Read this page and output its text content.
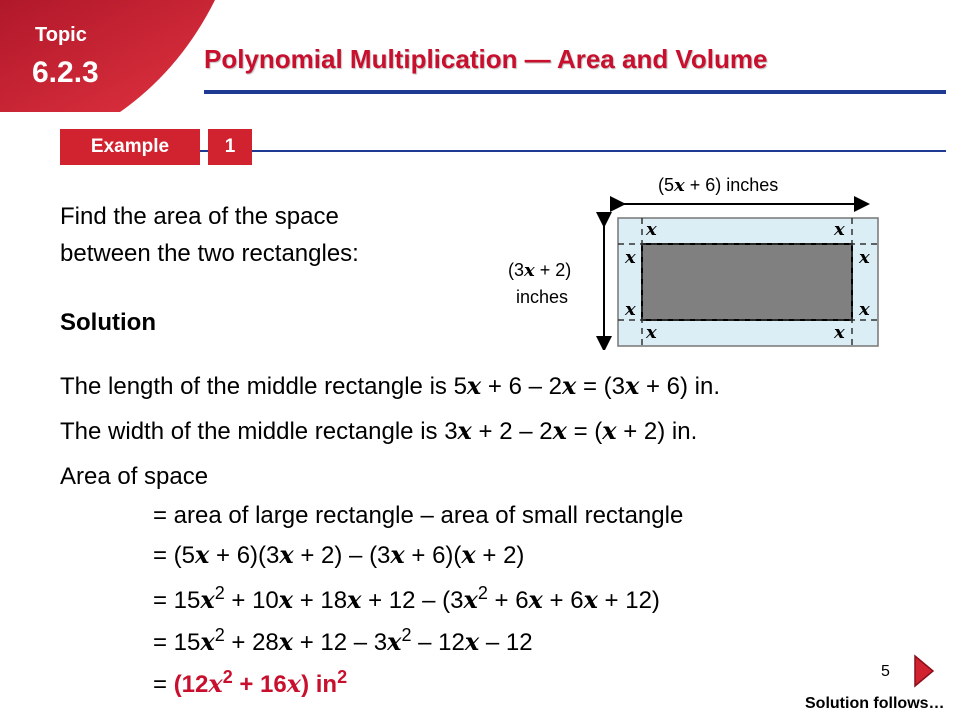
Topic
6.2.3	Polynomial Multiplication — Area and Volume
Example	1
Find the area of the space
between the two rectangles:
Solution
(5x + 6) inches
(3x + 2)
inches
x	x
x	x
x	x
x	x
The length of the middle rectangle is 5x + 6 – 2x = (3x + 6) in.
The width of the middle rectangle is 3x + 2 – 2x = (x + 2) in.
Area of space
= area of large rectangle – area of small rectangle
= (5x + 6)(3x + 2) – (3x + 6)(x + 2)
= $15x^2 + 10x + 18x + 12 - (3x^2 + 6x + 6x + 12)$
= $15x^2 + 28x + 12 - 3x^2 - 12x - 12$
= $(12x^2 + 16x)$ $in^2$	5
Solution follows…
